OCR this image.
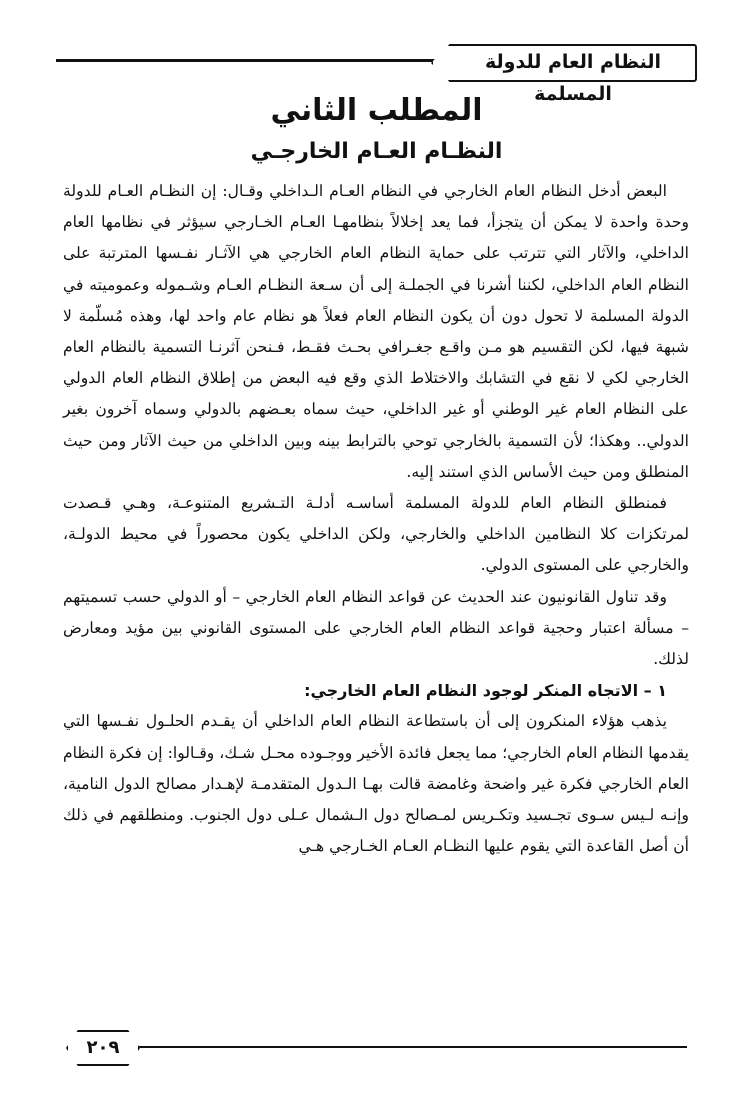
النظام العام للدولة المسلمة
المطلب الثاني
النظـام العـام الخارجـي

البعض أدخل النظام العام الخارجي في النظام العـام الـداخلي وقـال: إن النظـام العـام للدولة وحدة واحدة لا يمكن أن يتجزأ، فما يعد إخلالاً بنظامهـا العـام الخـارجي سيؤثر في نظامها العام الداخلي، والآثار التي تترتب على حماية النظام العام الخارجي هي الآثـار نفـسها المترتبة على النظام العام الداخلي، لكننا أشرنا في الجملـة إلى أن سـعة النظـام العـام وشـموله وعموميته في الدولة المسلمة لا تحول دون أن يكون النظام العام فعلاً هو نظام عام واحد لها، وهذه مُسلّمة لا شبهة فيها، لكن التقسيم هو مـن واقـع جغـرافي بحـث فقـط، فـنحن آثرنـا التسمية بالنظام العام الخارجي لكي لا نقع في التشابك والاختلاط الذي وقع فيه البعض من إطلاق النظام العام الدولي على النظام العام غير الوطني أو غير الداخلي، حيث سماه بعـضهم بالدولي وسماه آخرون بغير الدولي.. وهكذا؛ لأن التسمية بالخارجي توحي بالترابط بينه وبين الداخلي من حيث الآثار ومن حيث المنطلق ومن حيث الأساس الذي استند إليه.

فمنطلق النظام العام للدولة المسلمة أساسـه أدلـة التـشريع المتنوعـة، وهـي قـصدت لمرتكزات كلا النظامين الداخلي والخارجي، ولكن الداخلي يكون محصوراً في محيط الدولـة، والخارجي على المستوى الدولي.

وقد تناول القانونيون عند الحديث عن قواعد النظام العام الخارجي – أو الدولي حسب تسميتهم – مسألة اعتبار وحجية قواعد النظام العام الخارجي على المستوى القانوني بين مؤيد ومعارض لذلك.

١ – الاتجاه المنكر لوجود النظام العام الخارجي:

يذهب هؤلاء المنكرون إلى أن باستطاعة النظام العام الداخلي أن يقـدم الحلـول نفـسها التي يقدمها النظام العام الخارجي؛ مما يجعل فائدة الأخير ووجـوده محـل شـك، وقـالوا: إن فكرة النظام العام الخارجي فكرة غير واضحة وغامضة قالت بهـا الـدول المتقدمـة لإهـدار مصالح الدول النامية، وإنـه لـيس سـوى تجـسيد وتكـريس لمـصالح دول الـشمال عـلى دول الجنوب. ومنطلقهم في ذلك أن أصل القاعدة التي يقوم عليها النظـام العـام الخـارجي هـي

٢٠٩
